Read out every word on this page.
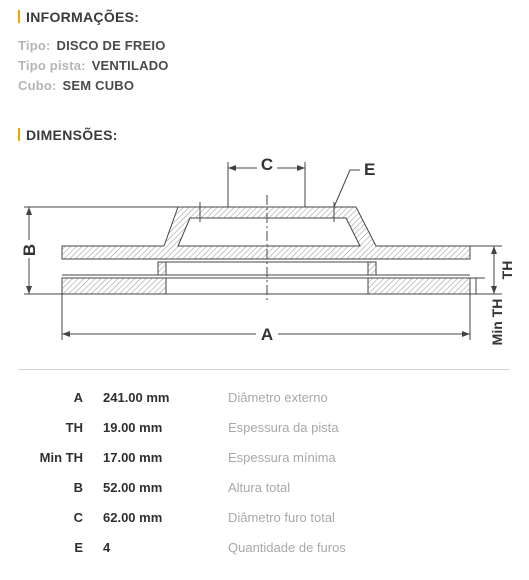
INFORMAÇÕES:
Tipo: DISCO DE FREIO
Tipo pista: VENTILADO
Cubo: SEM CUBO
DIMENSÕES:
C	E
B
A
TH
Min TH
A 241.00 mm	Diâmetro externo
TH 19.00 mm	Espessura da pista
Min TH 17.00 mm	Espessura mínima
B 52.00 mm	Altura total
C 62.00 mm	Diâmetro furo total
E 4	Quantidade de furos
